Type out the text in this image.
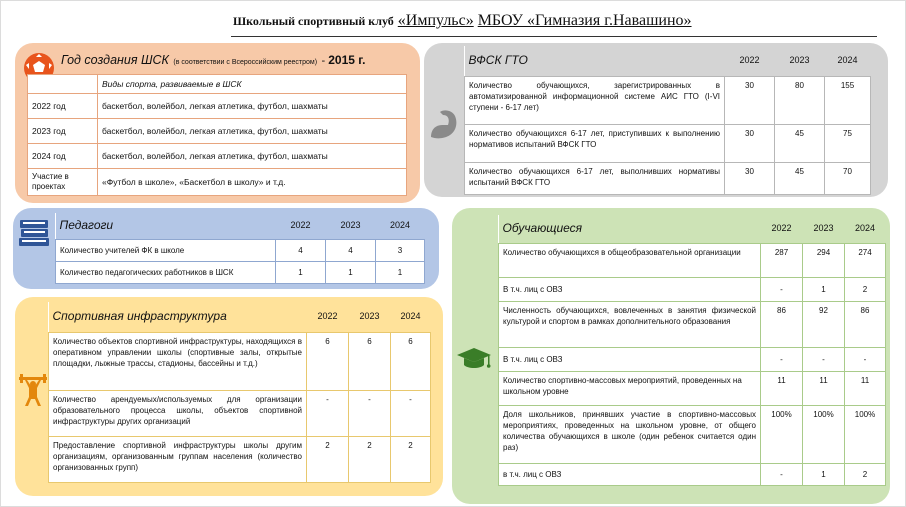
Школьный спортивный клуб «Импульс» МБОУ «Гимназия г.Навашино»
Год создания ШСК (в соответствии с Всероссийским реестром) - 2015 г.
	Виды спорта, развиваемые в ШСК
2022 год	баскетбол, волейбол, легкая атлетика, футбол, шахматы
2023 год	баскетбол, волейбол, легкая атлетика, футбол, шахматы
2024 год	баскетбол, волейбол, легкая атлетика, футбол, шахматы
Участие в проектах	«Футбол в школе», «Баскетбол в школу» и т.д.
ВФСК ГТО	2022	2023	2024
Количество обучающихся, зарегистрированных в автоматизированной информационной системе АИС ГТО (I-VI ступени - 6-17 лет)	30	80	155
Количество обучающихся 6-17 лет, приступивших к выполнению нормативов испытаний ВФСК ГТО	30	45	75
Количество обучающихся 6-17 лет, выполнивших нормативы испытаний ВФСК ГТО	30	45	70
Педагоги	2022	2023	2024
Количество учителей ФК в школе	4	4	3
Количество педагогических работников в ШСК	1	1	1
Спортивная инфраструктура	2022	2023	2024
Количество объектов спортивной инфраструктуры, находящихся в оперативном управлении школы (спортивные залы, открытые площадки, лыжные трассы, стадионы, бассейны и т.д.)	6	6	6
Количество арендуемых/используемых для организации образовательного процесса школы, объектов спортивной инфраструктуры других организаций	-	-	-
Предоставление спортивной инфраструктуры школы другим организациям, организованным группам населения (количество организованных групп)	2	2	2
Обучающиеся	2022	2023	2024
Количество обучающихся в общеобразовательной организации	287	294	274
В т.ч. лиц с ОВЗ	-	1	2
Численность обучающихся, вовлеченных в занятия физической культурой и спортом в рамках дополнительного образования	86	92	86
В т.ч. лиц с ОВЗ	-	-	-
Количество спортивно-массовых мероприятий, проведенных на школьном уровне	11	11	11
Доля школьников, принявших участие в спортивно-массовых мероприятиях, проведенных на школьном уровне, от общего количества обучающихся в школе (один ребенок считается один раз)	100%	100%	100%
в т.ч. лиц с ОВЗ	-	1	2
